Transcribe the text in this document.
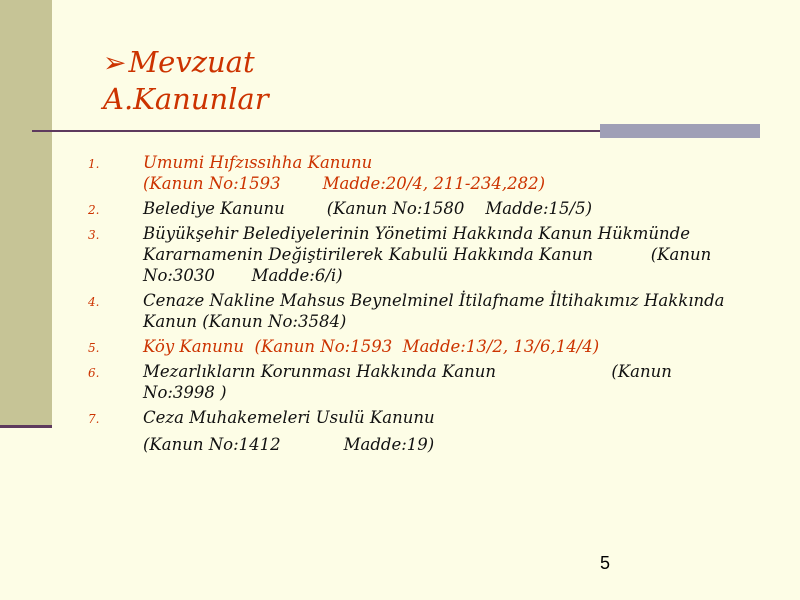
➢Mevzuat
A.Kanunlar
1.	Umumi Hıfzıssıhha Kanunu
(Kanun No:1593        Madde:20/4, 211-234,282)
2.	Belediye Kanunu        (Kanun No:1580    Madde:15/5)
3.	Büyükşehir Belediyelerinin Yönetimi Hakkında Kanun Hükmünde
Kararnamenin Değiştirilerek Kabulü Hakkında Kanun           (Kanun
No:3030       Madde:6/i)
4.	Cenaze Nakline Mahsus Beynelminel İtilafname İltihakımız Hakkında
Kanun (Kanun No:3584)
5.	Köy Kanunu  (Kanun No:1593  Madde:13/2, 13/6,14/4)
6.	Mezarlıkların Korunması Hakkında Kanun                      (Kanun
No:3998 )
7.	Ceza Muhakemeleri Usulü Kanunu
(Kanun No:1412            Madde:19)
5
